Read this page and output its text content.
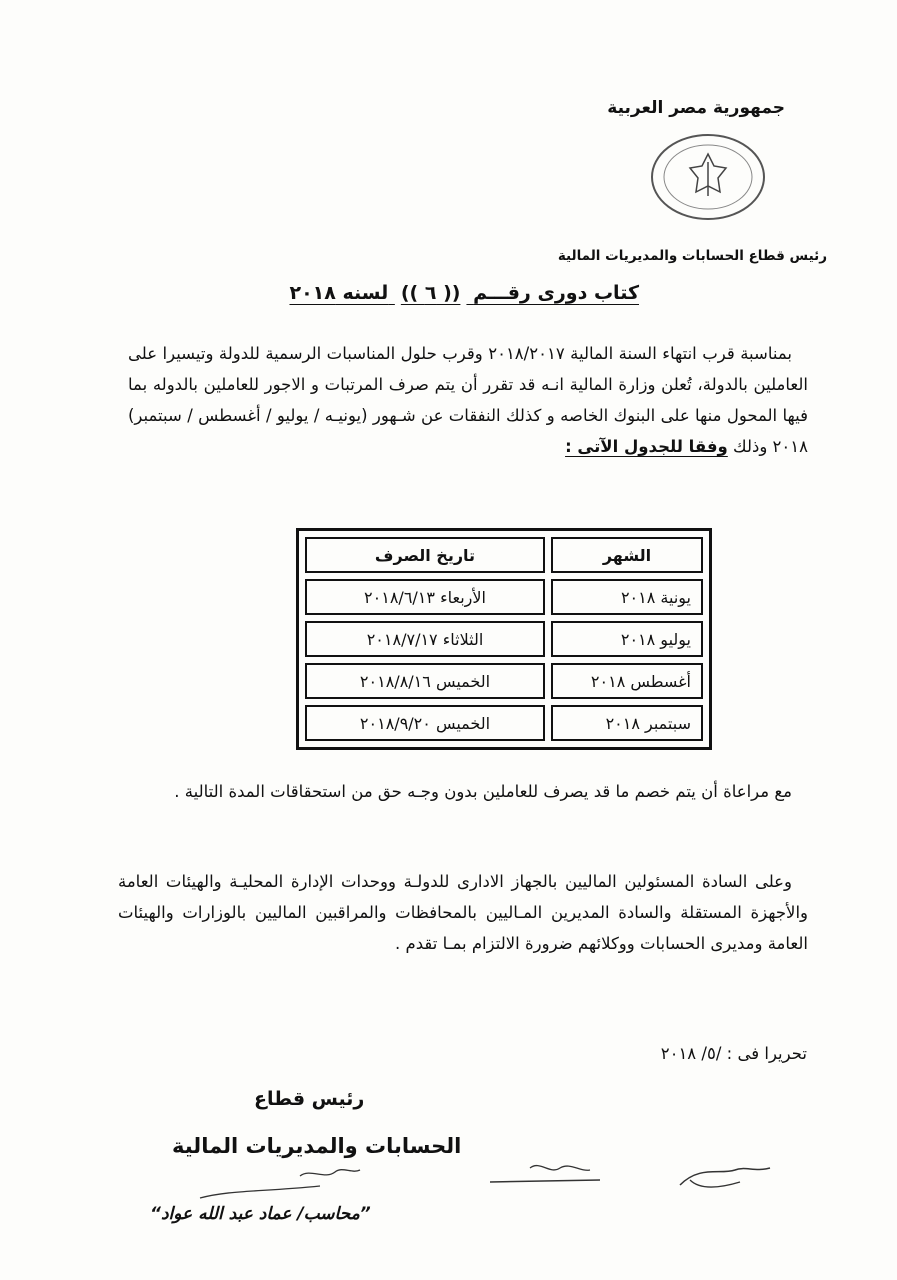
جمهورية مصر العربية
رئيس قطاع الحسابات والمديريات المالية
كتاب دورى رقـــم (( ٦ )) لسنه ٢٠١٨

بمناسبة قرب انتهاء السنة المالية ٢٠١٨/٢٠١٧ وقرب حلول المناسبات الرسمية للدولة وتيسيرا على العاملين بالدولة، تُعلن وزارة المالية انـه قد تقرر أن يتم صرف المرتبات و الاجور للعاملين بالدوله بما فيها المحول منها على البنوك الخاصه و كذلك النفقات عن شـهور (يونيـه / يوليو / أغسطس / سبتمبر) ٢٠١٨ وذلك وفقا للجدول الآتى :

الشهر	تاريخ الصرف
يونية ٢٠١٨	الأربعاء ٢٠١٨/٦/١٣
يوليو ٢٠١٨	الثلاثاء ٢٠١٨/٧/١٧
أغسطس ٢٠١٨	الخميس ٢٠١٨/٨/١٦
سبتمبر ٢٠١٨	الخميس ٢٠١٨/٩/٢٠

مع مراعاة أن يتم خصم ما قد يصرف للعاملين بدون وجـه حق من استحقاقات المدة التالية .

وعلى السادة المسئولين الماليين بالجهاز الادارى للدولـة ووحدات الإدارة المحليـة والهيئات العامة والأجهزة المستقلة والسادة المديرين المـاليين بالمحافظات والمراقبين الماليين بالوزارات والهيئات العامة ومديرى الحسابات ووكلائهم ضرورة الالتزام بمـا تقدم .

تحريرا فى : /٥/ ٢٠١٨
رئيس قطاع
الحسابات والمديريات المالية
”محاسب/ عماد عبد الله عواد“
